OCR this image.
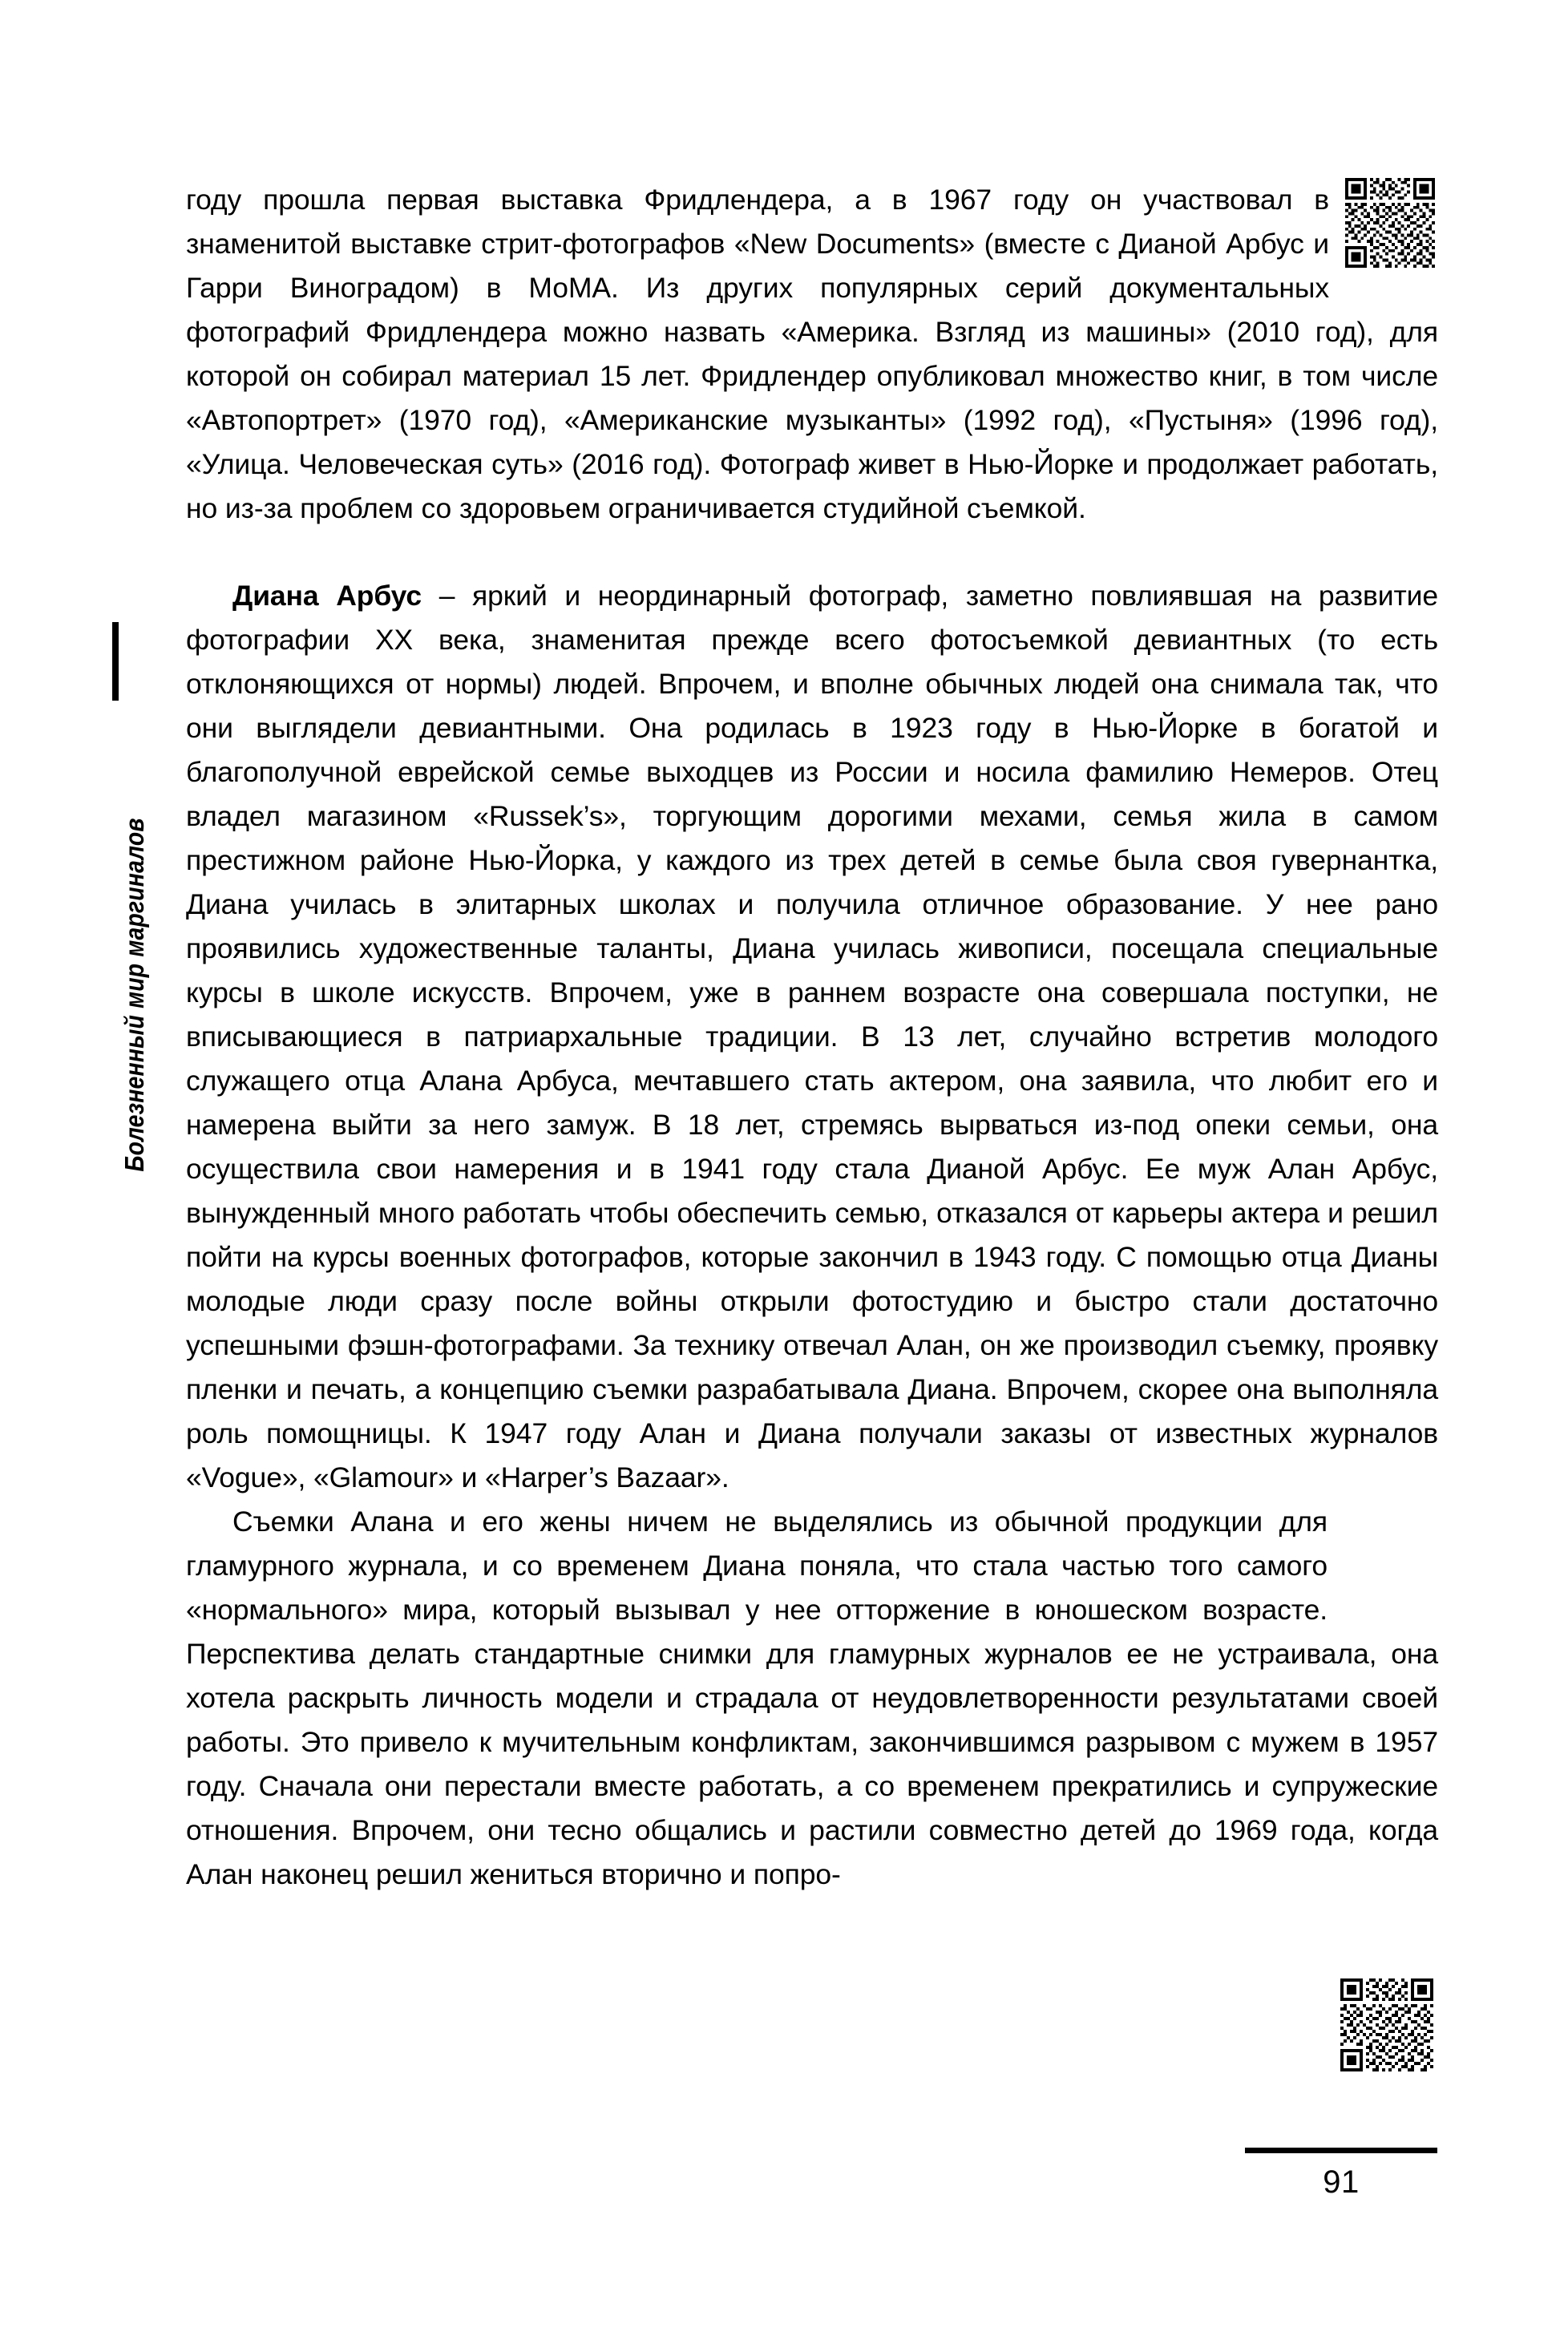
Болезненный мир маргиналов

году прошла первая выставка Фридлендера, а в 1967 году он участвовал в знаменитой выставке стрит-фотографов «New Documents» (вместе с Дианой Арбус и Гарри Виноградом) в МоМА. Из других популярных серий документальных фотографий Фридлендера можно назвать «Америка. Взгляд из машины» (2010 год), для которой он собирал материал 15 лет. Фридлендер опубликовал множество книг, в том числе «Автопортрет» (1970 год), «Американские музыканты» (1992 год), «Пустыня» (1996 год), «Улица. Человеческая суть» (2016 год). Фотограф живет в Нью-Йорке и продолжает работать, но из-за проблем со здоровьем ограничивается студийной съемкой.

Диана Арбус – яркий и неординарный фотограф, заметно повлиявшая на развитие фотографии XX века, знаменитая прежде всего фотосъемкой девиантных (то есть отклоняющихся от нормы) людей. Впрочем, и вполне обычных людей она снимала так, что они выглядели девиантными. Она родилась в 1923 году в Нью-Йорке в богатой и благополучной еврейской семье выходцев из России и носила фамилию Немеров. Отец владел магазином «Russek’s», торгующим дорогими мехами, семья жила в самом престижном районе Нью-Йорка, у каждого из трех детей в семье была своя гувернантка, Диана училась в элитарных школах и получила отличное образование. У нее рано проявились художественные таланты, Диана училась живописи, посещала специальные курсы в школе искусств. Впрочем, уже в раннем возрасте она совершала поступки, не вписывающиеся в патриархальные традиции. В 13 лет, случайно встретив молодого служащего отца Алана Арбуса, мечтавшего стать актером, она заявила, что любит его и намерена выйти за него замуж. В 18 лет, стремясь вырваться из-под опеки семьи, она осуществила свои намерения и в 1941 году стала Дианой Арбус. Ее муж Алан Арбус, вынужденный много работать чтобы обеспечить семью, отказался от карьеры актера и решил пойти на курсы военных фотографов, которые закончил в 1943 году. С помощью отца Дианы молодые люди сразу после войны открыли фотостудию и быстро стали достаточно успешными фэшн-фотографами. За технику отвечал Алан, он же производил съемку, проявку пленки и печать, а концепцию съемки разрабатывала Диана. Впрочем, скорее она выполняла роль помощницы. К 1947 году Алан и Диана получали заказы от известных журналов «Vogue», «Glamour» и «Harper’s Bazaar».

Съемки Алана и его жены ничем не выделялись из обычной продукции для гламурного журнала, и со временем Диана поняла, что стала частью того самого «нормального» мира, который вызывал у нее отторжение в юношеском возрасте. Перспектива делать стандартные снимки для гламурных журналов ее не устраивала, она хотела раскрыть личность модели и страдала от неудовлетворенности результатами своей работы. Это привело к мучительным конфликтам, закончившимся разрывом с мужем в 1957 году. Сначала они перестали вместе работать, а со временем прекратились и супружеские отношения. Впрочем, они тесно общались и растили совместно детей до 1969 года, когда Алан наконец решил жениться вторично и попро-

91
